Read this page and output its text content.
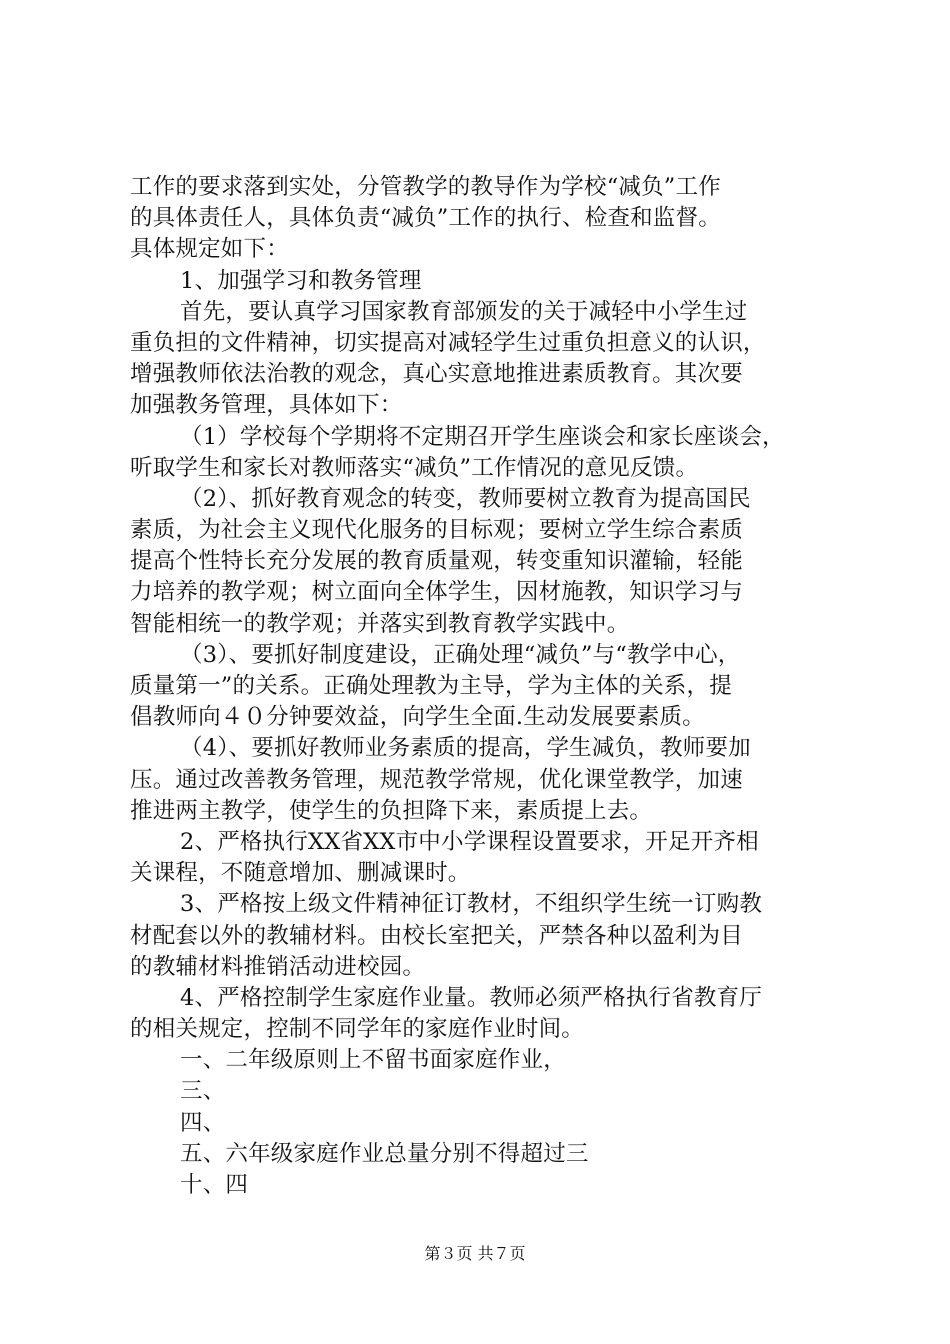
工作的要求落到实处，分管教学的教导作为学校“减负”工作
的具体责任人，具体负责“减负”工作的执行、检查和监督。
具体规定如下：
1、加强学习和教务管理
首先，要认真学习国家教育部颁发的关于减轻中小学生过
重负担的文件精神，切实提高对减轻学生过重负担意义的认识，
增强教师依法治教的观念，真心实意地推进素质教育。其次要
加强教务管理，具体如下：
（1）学校每个学期将不定期召开学生座谈会和家长座谈会，
听取学生和家长对教师落实“减负”工作情况的意见反馈。
（2）、抓好教育观念的转变，教师要树立教育为提高国民
素质，为社会主义现代化服务的目标观；要树立学生综合素质
提高个性特长充分发展的教育质量观，转变重知识灌输，轻能
力培养的教学观；树立面向全体学生，因材施教，知识学习与
智能相统一的教学观；并落实到教育教学实践中。
（3）、要抓好制度建设，正确处理“减负”与“教学中心，
质量第一”的关系。正确处理教为主导，学为主体的关系，提
倡教师向４０分钟要效益，向学生全面.生动发展要素质。
（4）、要抓好教师业务素质的提高，学生减负，教师要加
压。通过改善教务管理，规范教学常规，优化课堂教学，加速
推进两主教学，使学生的负担降下来，素质提上去。
2、严格执行XX省XX市中小学课程设置要求，开足开齐相
关课程，不随意增加、删减课时。
3、严格按上级文件精神征订教材，不组织学生统一订购教
材配套以外的教辅材料。由校长室把关，严禁各种以盈利为目
的教辅材料推销活动进校园。
4、严格控制学生家庭作业量。教师必须严格执行省教育厅
的相关规定，控制不同学年的家庭作业时间。
一、二年级原则上不留书面家庭作业，
三、
四、
五、六年级家庭作业总量分别不得超过三
十、四
第３页 共７页
